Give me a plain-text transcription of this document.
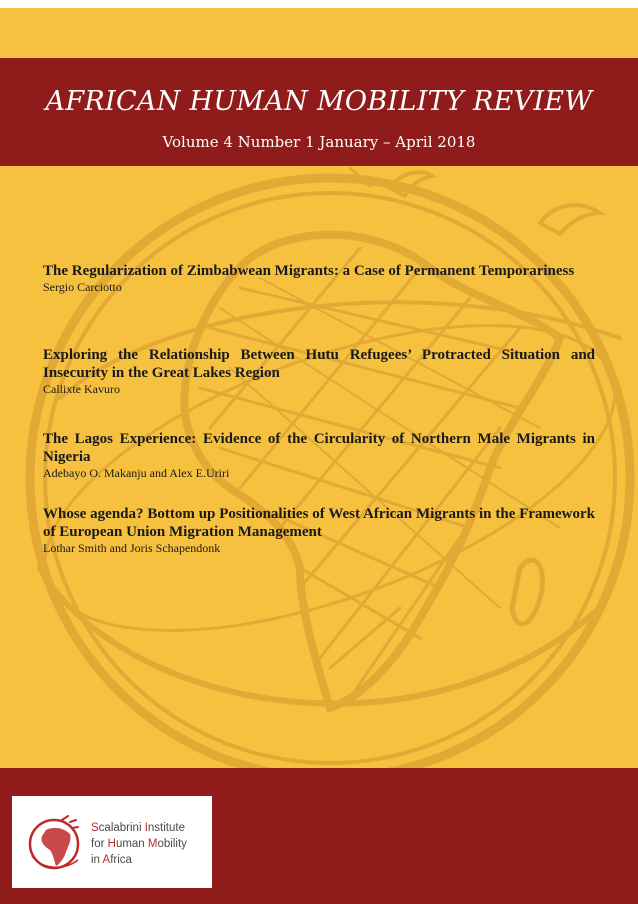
AFRICAN HUMAN MOBILITY REVIEW
Volume 4 Number 1 January – April 2018
The Regularization of Zimbabwean Migrants: a Case of Permanent Temporariness
Sergio Carciotto
Exploring the Relationship Between Hutu Refugees’ Protracted Situation and Insecurity in the Great Lakes Region
Callixte Kavuro
The Lagos Experience: Evidence of the Circularity of Northern Male Migrants in Nigeria
Adebayo O. Makanju and Alex E.Uriri
Whose agenda? Bottom up Positionalities of West African Migrants in the Framework of European Union Migration Management
Lothar Smith and Joris Schapendonk
Scalabrini Institute
for Human Mobility
in Africa
